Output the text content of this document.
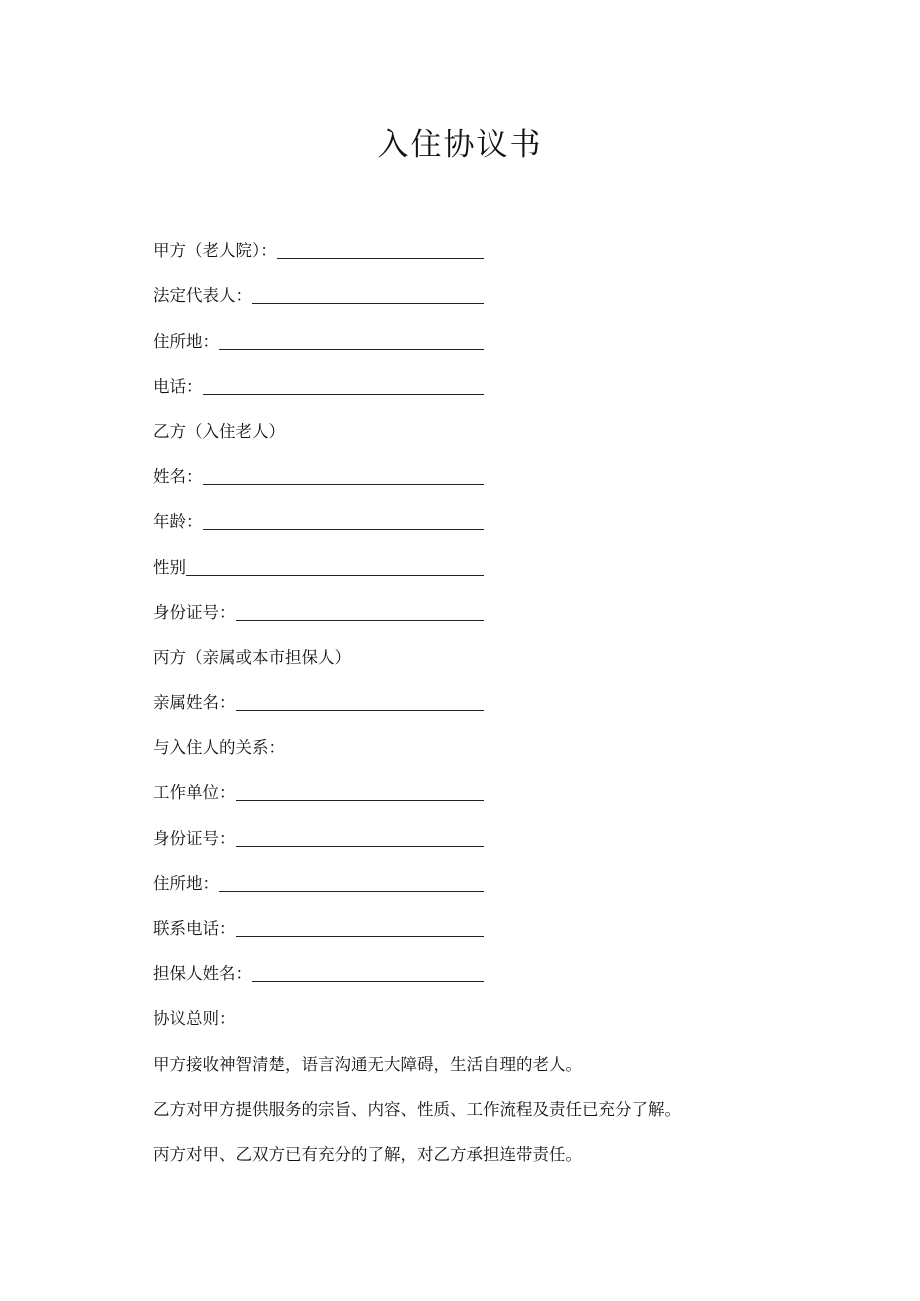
入住协议书
甲方（老人院）：
法定代表人：
住所地：
电话：
乙方（入住老人）
姓名：
年龄：
性别
身份证号：
丙方（亲属或本市担保人）
亲属姓名：
与入住人的关系：
工作单位：
身份证号：
住所地：
联系电话：
担保人姓名：
协议总则：
甲方接收神智清楚，语言沟通无大障碍，生活自理的老人。
乙方对甲方提供服务的宗旨、内容、性质、工作流程及责任已充分了解。
丙方对甲、乙双方已有充分的了解，对乙方承担连带责任。
